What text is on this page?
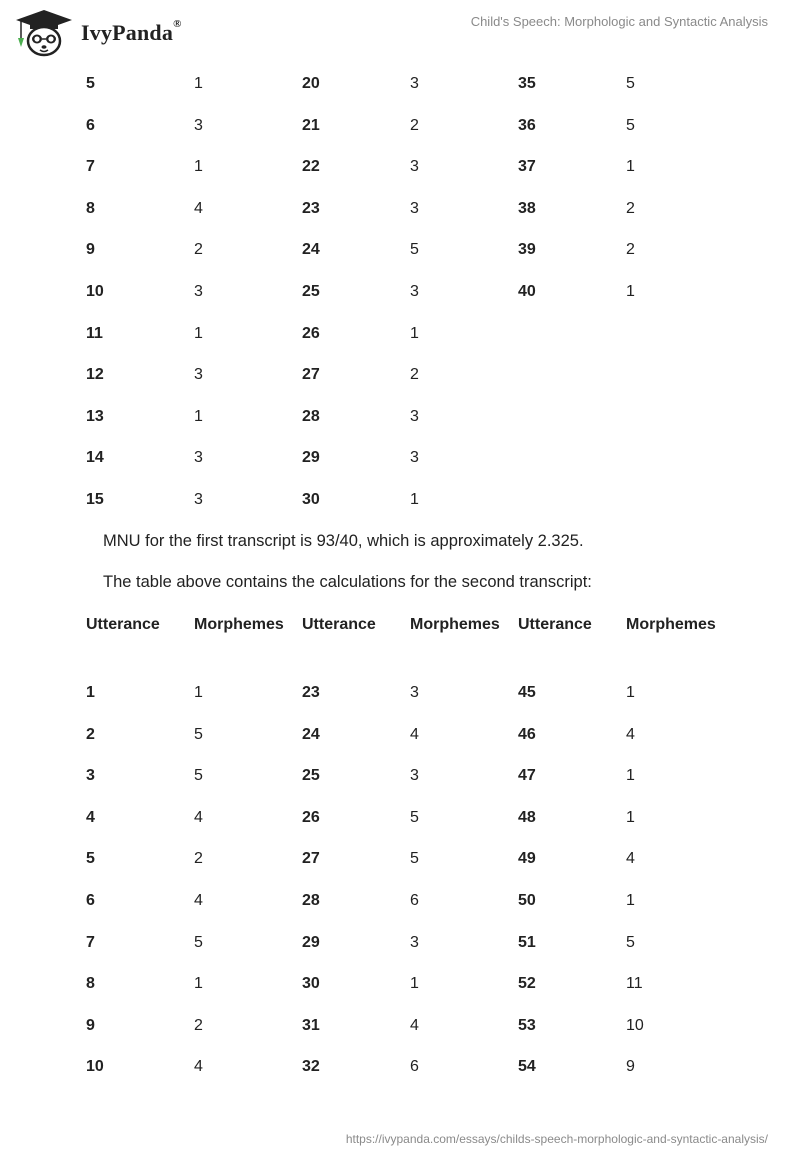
IvyPanda®	Child's Speech: Morphologic and Syntactic Analysis
5	1	20	3	35	5
6	3	21	2	36	5
7	1	22	3	37	1
8	4	23	3	38	2
9	2	24	5	39	2
10	3	25	3	40	1
11	1	26	1
12	3	27	2
13	1	28	3
14	3	29	3
15	3	30	1
MNU for the first transcript is 93/40, which is approximately 2.325.
The table above contains the calculations for the second transcript:
Utterance	Morphemes	Utterance	Morphemes	Utterance	Morphemes
1	1	23	3	45	1
2	5	24	4	46	4
3	5	25	3	47	1
4	4	26	5	48	1
5	2	27	5	49	4
6	4	28	6	50	1
7	5	29	3	51	5
8	1	30	1	52	11
9	2	31	4	53	10
10	4	32	6	54	9
https://ivypanda.com/essays/childs-speech-morphologic-and-syntactic-analysis/
